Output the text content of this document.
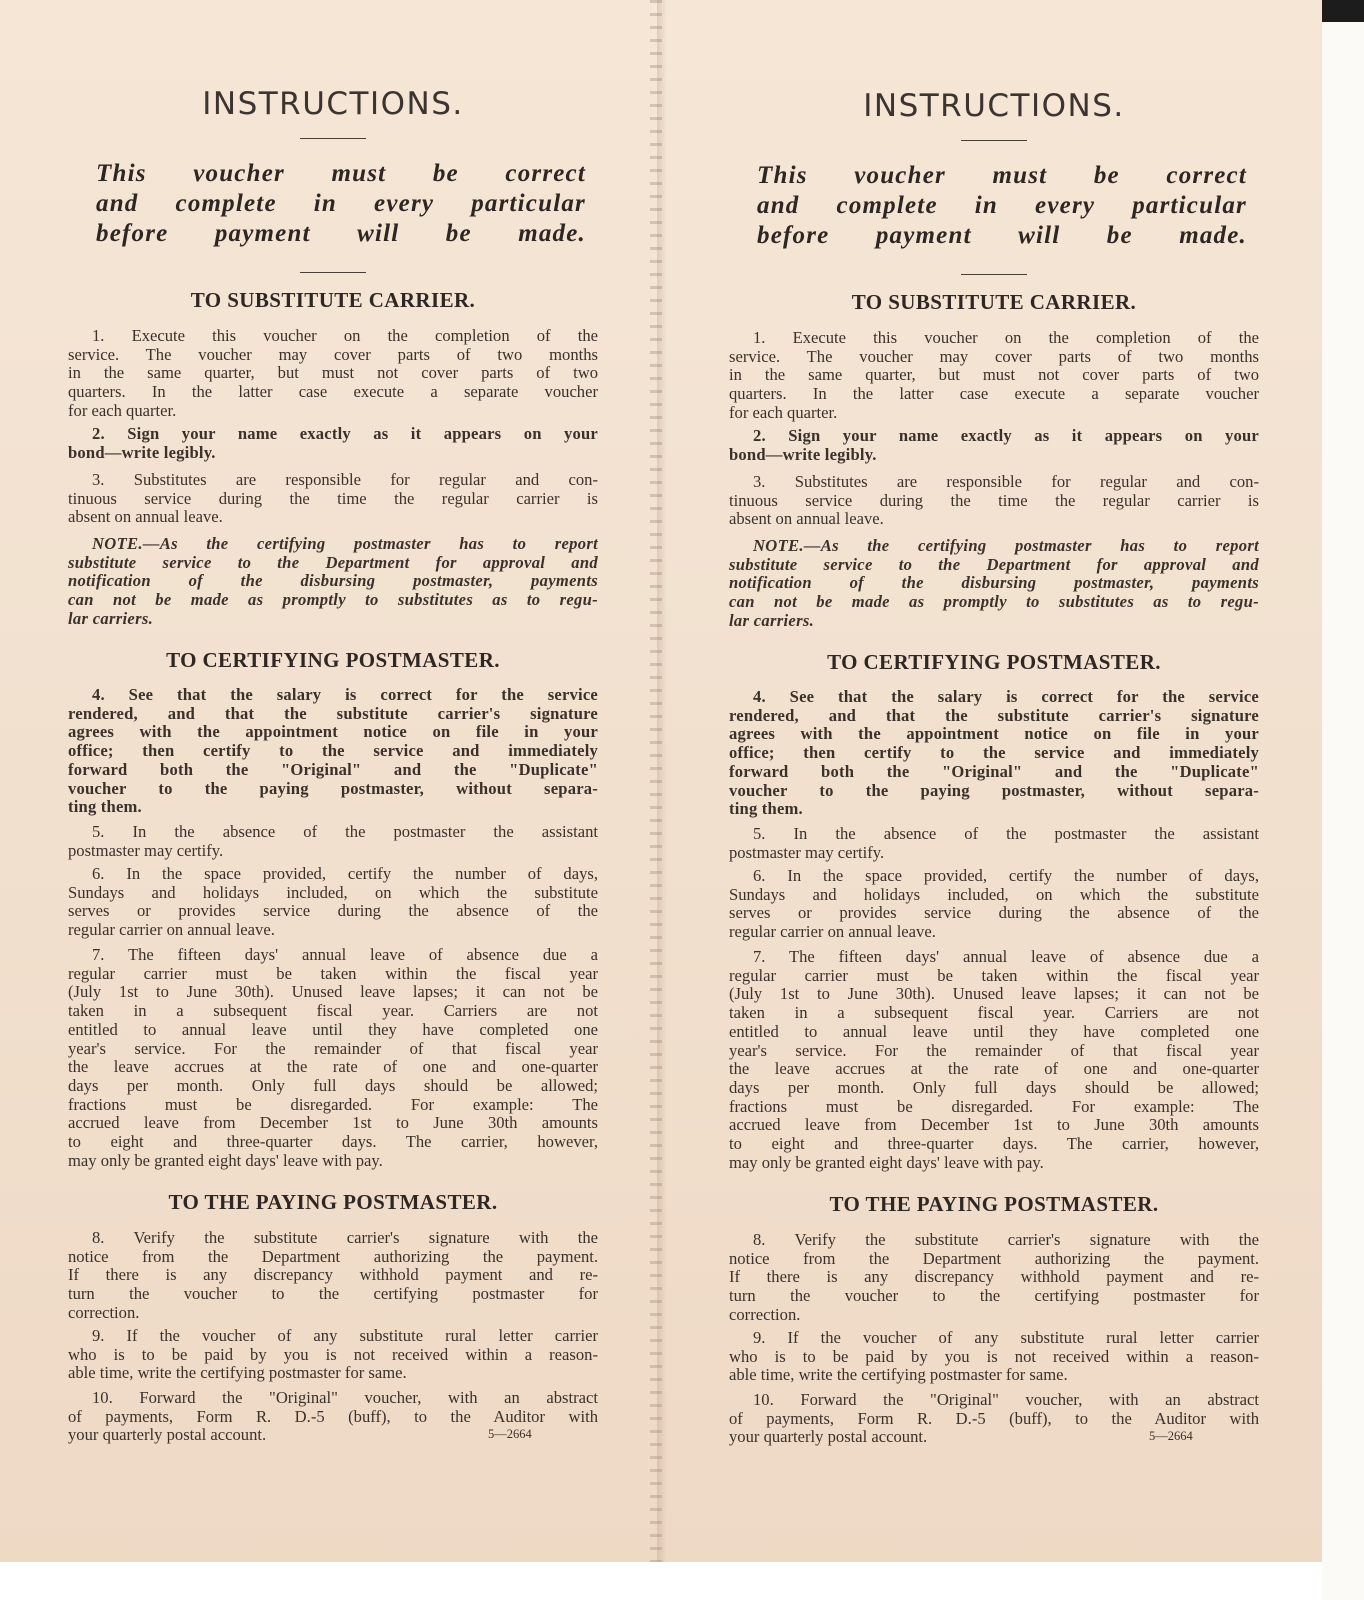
INSTRUCTIONS.
This voucher must be correct
and complete in every particular
before payment will be made.
TO SUBSTITUTE CARRIER.
1. Execute this voucher on the completion of the
service. The voucher may cover parts of two months
in the same quarter, but must not cover parts of two
quarters. In the latter case execute a separate voucher
for each quarter.
2. Sign your name exactly as it appears on your
bond—write legibly.
3. Substitutes are responsible for regular and con-
tinuous service during the time the regular carrier is
absent on annual leave.
NOTE.—As the certifying postmaster has to report
substitute service to the Department for approval and
notification of the disbursing postmaster, payments
can not be made as promptly to substitutes as to regu-
lar carriers.
TO CERTIFYING POSTMASTER.
4. See that the salary is correct for the service
rendered, and that the substitute carrier's signature
agrees with the appointment notice on file in your
office; then certify to the service and immediately
forward both the "Original" and the "Duplicate"
voucher to the paying postmaster, without separa-
ting them.
5. In the absence of the postmaster the assistant
postmaster may certify.
6. In the space provided, certify the number of days,
Sundays and holidays included, on which the substitute
serves or provides service during the absence of the
regular carrier on annual leave.
7. The fifteen days' annual leave of absence due a
regular carrier must be taken within the fiscal year
(July 1st to June 30th). Unused leave lapses; it can not be
taken in a subsequent fiscal year. Carriers are not
entitled to annual leave until they have completed one
year's service. For the remainder of that fiscal year
the leave accrues at the rate of one and one-quarter
days per month. Only full days should be allowed;
fractions must be disregarded. For example: The
accrued leave from December 1st to June 30th amounts
to eight and three-quarter days. The carrier, however,
may only be granted eight days' leave with pay.
TO THE PAYING POSTMASTER.
8. Verify the substitute carrier's signature with the
notice from the Department authorizing the payment.
If there is any discrepancy withhold payment and re-
turn the voucher to the certifying postmaster for
correction.
9. If the voucher of any substitute rural letter carrier
who is to be paid by you is not received within a reason-
able time, write the certifying postmaster for same.
10. Forward the "Original" voucher, with an abstract
of payments, Form R. D.-5 (buff), to the Auditor with
your quarterly postal account.	5—2664
INSTRUCTIONS.
This voucher must be correct
and complete in every particular
before payment will be made.
TO SUBSTITUTE CARRIER.
1. Execute this voucher on the completion of the
service. The voucher may cover parts of two months
in the same quarter, but must not cover parts of two
quarters. In the latter case execute a separate voucher
for each quarter.
2. Sign your name exactly as it appears on your
bond—write legibly.
3. Substitutes are responsible for regular and con-
tinuous service during the time the regular carrier is
absent on annual leave.
NOTE.—As the certifying postmaster has to report
substitute service to the Department for approval and
notification of the disbursing postmaster, payments
can not be made as promptly to substitutes as to regu-
lar carriers.
TO CERTIFYING POSTMASTER.
4. See that the salary is correct for the service
rendered, and that the substitute carrier's signature
agrees with the appointment notice on file in your
office; then certify to the service and immediately
forward both the "Original" and the "Duplicate"
voucher to the paying postmaster, without separa-
ting them.
5. In the absence of the postmaster the assistant
postmaster may certify.
6. In the space provided, certify the number of days,
Sundays and holidays included, on which the substitute
serves or provides service during the absence of the
regular carrier on annual leave.
7. The fifteen days' annual leave of absence due a
regular carrier must be taken within the fiscal year
(July 1st to June 30th). Unused leave lapses; it can not be
taken in a subsequent fiscal year. Carriers are not
entitled to annual leave until they have completed one
year's service. For the remainder of that fiscal year
the leave accrues at the rate of one and one-quarter
days per month. Only full days should be allowed;
fractions must be disregarded. For example: The
accrued leave from December 1st to June 30th amounts
to eight and three-quarter days. The carrier, however,
may only be granted eight days' leave with pay.
TO THE PAYING POSTMASTER.
8. Verify the substitute carrier's signature with the
notice from the Department authorizing the payment.
If there is any discrepancy withhold payment and re-
turn the voucher to the certifying postmaster for
correction.
9. If the voucher of any substitute rural letter carrier
who is to be paid by you is not received within a reason-
able time, write the certifying postmaster for same.
10. Forward the "Original" voucher, with an abstract
of payments, Form R. D.-5 (buff), to the Auditor with
your quarterly postal account.	5—2664
